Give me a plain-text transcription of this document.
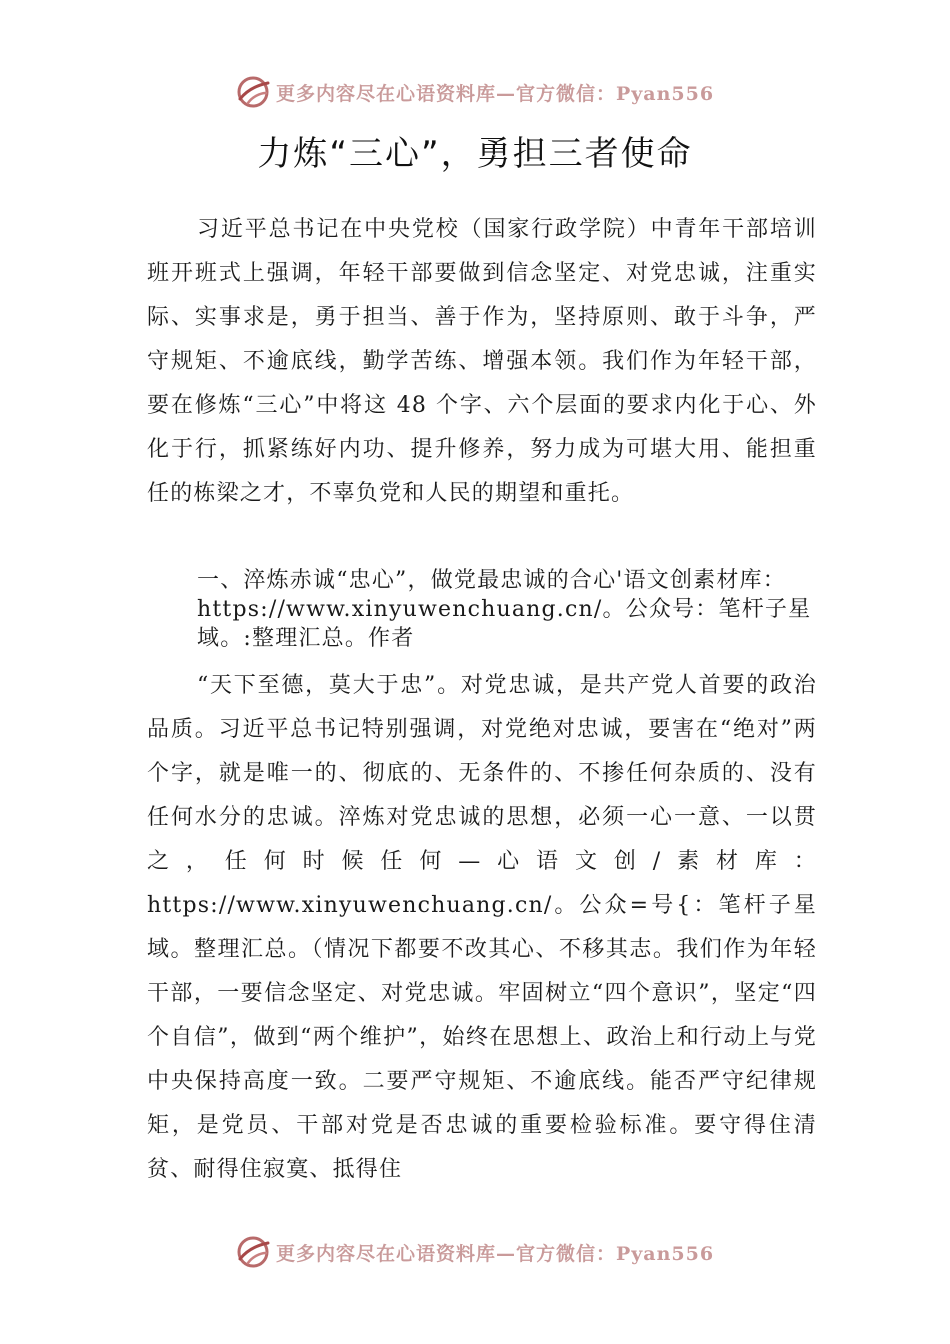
更多内容尽在心语资料库—官方微信：Pyan556
力炼“三心”，勇担三者使命

习近平总书记在中央党校（国家行政学院）中青年干部培训班开班式上强调，年轻干部要做到信念坚定、对党忠诚，注重实际、实事求是，勇于担当、善于作为，坚持原则、敢于斗争，严守规矩、不逾底线，勤学苦练、增强本领。我们作为年轻干部，要在修炼“三心”中将这 48 个字、六个层面的要求内化于心、外化于行，抓紧练好内功、提升修养，努力成为可堪大用、能担重任的栋梁之才，不辜负党和人民的期望和重托。

一、淬炼赤诚“忠心”，做党最忠诚的合心'语文创素材库：https://www.xinyuwenchuang.cn/。公众号：笔杆子星域。:整理汇总。作者

“天下至德，莫大于忠”。对党忠诚，是共产党人首要的政治品质。习近平总书记特别强调，对党绝对忠诚，要害在“绝对”两个字，就是唯一的、彻底的、无条件的、不掺任何杂质的、没有任何水分的忠诚。淬炼对党忠诚的思想，必须一心一意、一以贯之，任何时候任何—心语文创/素材库：https://www.xinyuwenchuang.cn/。公众=号{：笔杆子星域。整理汇总。（情况下都要不改其心、不移其志。我们作为年轻干部，一要信念坚定、对党忠诚。牢固树立“四个意识”，坚定“四个自信”，做到“两个维护”，始终在思想上、政治上和行动上与党中央保持高度一致。二要严守规矩、不逾底线。能否严守纪律规矩，是党员、干部对党是否忠诚的重要检验标准。要守得住清贫、耐得住寂寞、抵得住

更多内容尽在心语资料库—官方微信：Pyan556
